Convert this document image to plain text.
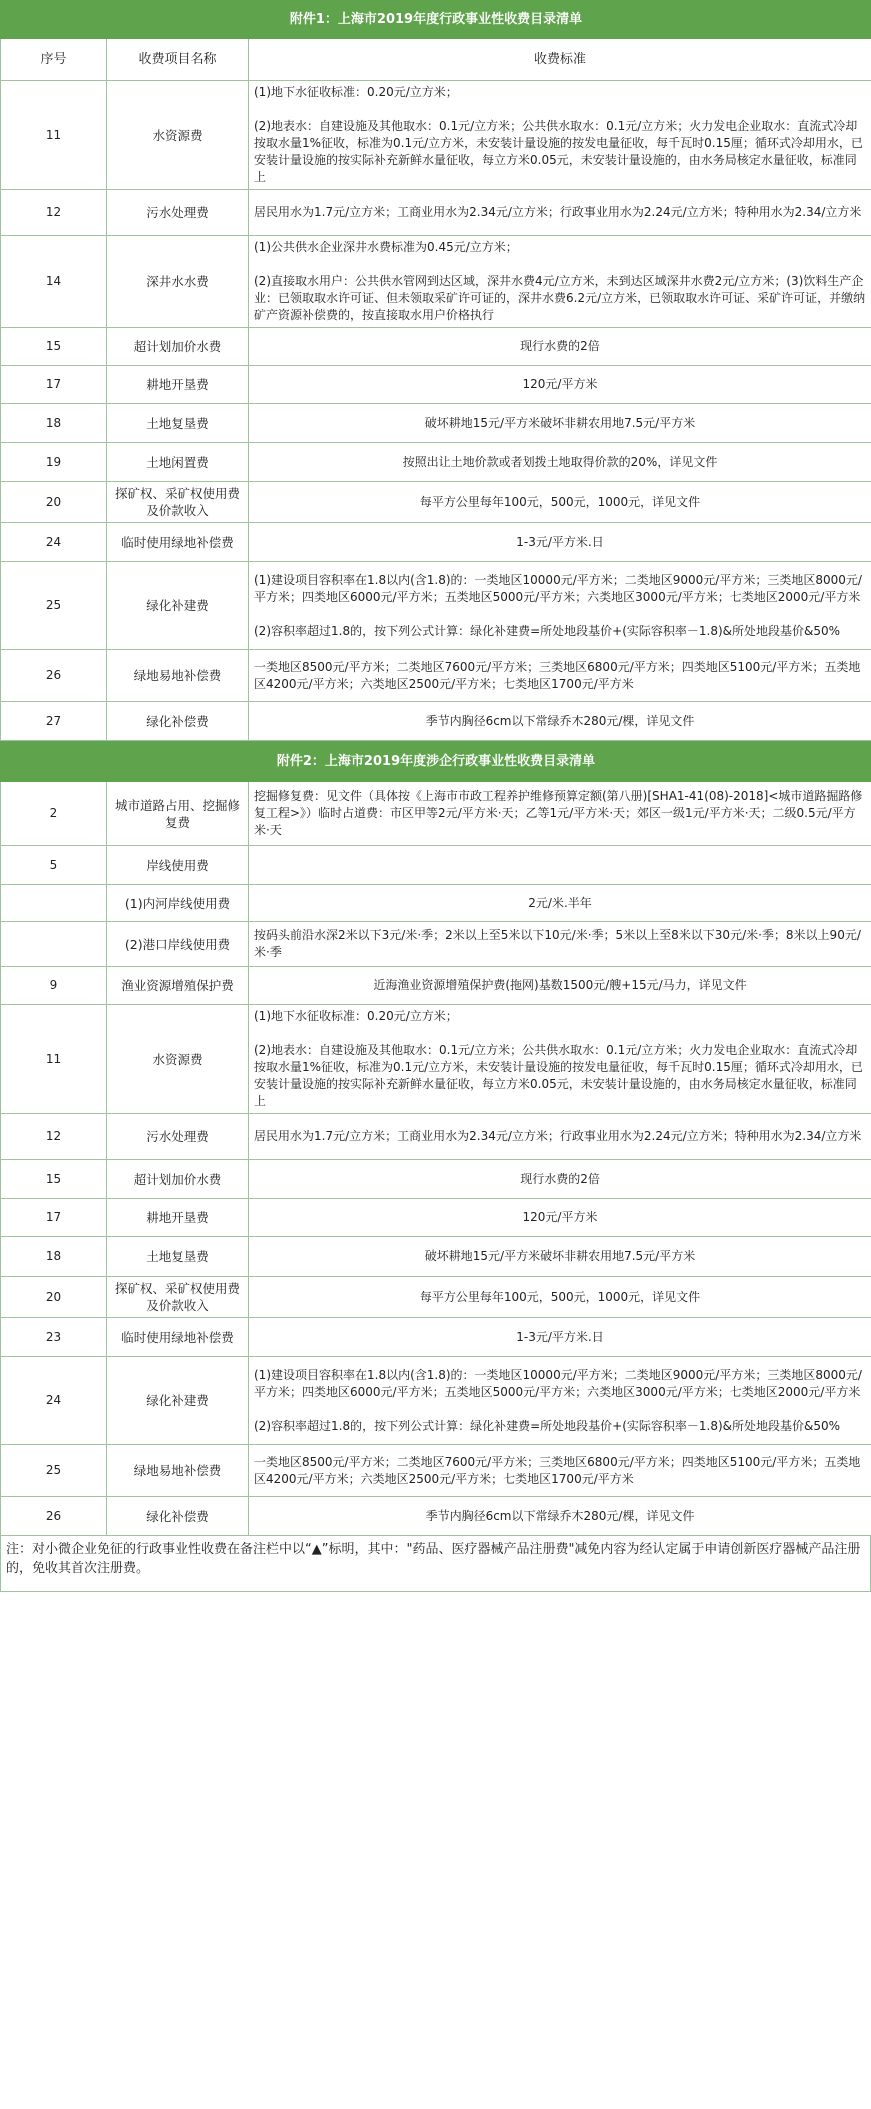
附件1：上海市2019年度行政事业性收费目录清单		
序号	收费项目名称	收费标准
11	水资源费	(1)地下水征收标准：0.20元/立方米；
(2)地表水：自建设施及其他取水：0.1元/立方米；公共供水取水：0.1元/立方米；火力发电企业取水：直流式冷却按取水量1%征收，标准为0.1元/立方米，未安装计量设施的按发电量征收，每千瓦时0.15厘；循环式冷却用水，已安装计量设施的按实际补充新鲜水量征收，每立方米0.05元，未安装计量设施的，由水务局核定水量征收，标准同上

12	污水处理费	居民用水为1.7元/立方米；工商业用水为2.34元/立方米；行政事业用水为2.24元/立方米；特种用水为2.34/立方米

14	深井水水费	(1)公共供水企业深井水费标准为0.45元/立方米；
(2)直接取水用户：公共供水管网到达区域，深井水费4元/立方米，未到达区域深井水费2元/立方米；(3)饮料生产企业：已领取取水许可证、但未领取采矿许可证的，深井水费6.2元/立方米，已领取取水许可证、采矿许可证，并缴纳矿产资源补偿费的，按直接取水用户价格执行

15	超计划加价水费	现行水费的2倍

17	耕地开垦费	120元/平方米

18	土地复垦费	破坏耕地15元/平方米破坏非耕农用地7.5元/平方米

19	土地闲置费	按照出让土地价款或者划拨土地取得价款的20%，详见文件

20	探矿权、采矿权使用费及价款收入	每平方公里每年100元，500元，1000元，详见文件

24	临时使用绿地补偿费	1-3元/平方米.日

25	绿化补建费	(1)建设项目容积率在1.8以内(含1.8)的：一类地区10000元/平方米；二类地区9000元/平方米；三类地区8000元/平方米；四类地区6000元/平方米；五类地区5000元/平方米；六类地区3000元/平方米；七类地区2000元/平方米
(2)容积率超过1.8的，按下列公式计算：绿化补建费=所处地段基价+(实际容积率－1.8)&所处地段基价&50%

26	绿地易地补偿费	一类地区8500元/平方米；二类地区7600元/平方米；三类地区6800元/平方米；四类地区5100元/平方米；五类地区4200元/平方米；六类地区2500元/平方米；七类地区1700元/平方米

27	绿化补偿费	季节内胸径6cm以下常绿乔木280元/棵，详见文件
附件2：上海市2019年度涉企行政事业性收费目录清单		
2	城市道路占用、挖掘修复费	挖掘修复费：见文件（具体按《上海市市政工程养护维修预算定额(第八册)[SHA1-41(08)-2018]<城市道路掘路修复工程>》）临时占道费：市区甲等2元/平方米·天；乙等1元/平方米·天；郊区一级1元/平方米·天；二级0.5元/平方米·天

5	岸线使用费	

	(1)内河岸线使用费	2元/米.半年

	(2)港口岸线使用费	按码头前沿水深2米以下3元/米·季；2米以上至5米以下10元/米·季；5米以上至8米以下30元/米·季；8米以上90元/米·季

9	渔业资源增殖保护费	近海渔业资源增殖保护费(拖网)基数1500元/艘+15元/马力，详见文件

11	水资源费	(1)地下水征收标准：0.20元/立方米；
(2)地表水：自建设施及其他取水：0.1元/立方米；公共供水取水：0.1元/立方米；火力发电企业取水：直流式冷却按取水量1%征收，标准为0.1元/立方米，未安装计量设施的按发电量征收，每千瓦时0.15厘；循环式冷却用水，已安装计量设施的按实际补充新鲜水量征收，每立方米0.05元，未安装计量设施的，由水务局核定水量征收，标准同上

12	污水处理费	居民用水为1.7元/立方米；工商业用水为2.34元/立方米；行政事业用水为2.24元/立方米；特种用水为2.34/立方米

15	超计划加价水费	现行水费的2倍

17	耕地开垦费	120元/平方米

18	土地复垦费	破坏耕地15元/平方米破坏非耕农用地7.5元/平方米

20	探矿权、采矿权使用费及价款收入	每平方公里每年100元，500元，1000元，详见文件

23	临时使用绿地补偿费	1-3元/平方米.日

24	绿化补建费	(1)建设项目容积率在1.8以内(含1.8)的：一类地区10000元/平方米；二类地区9000元/平方米；三类地区8000元/平方米；四类地区6000元/平方米；五类地区5000元/平方米；六类地区3000元/平方米；七类地区2000元/平方米
(2)容积率超过1.8的，按下列公式计算：绿化补建费=所处地段基价+(实际容积率－1.8)&所处地段基价&50%

25	绿地易地补偿费	一类地区8500元/平方米；二类地区7600元/平方米；三类地区6800元/平方米；四类地区5100元/平方米；五类地区4200元/平方米；六类地区2500元/平方米；七类地区1700元/平方米

26	绿化补偿费	季节内胸径6cm以下常绿乔木280元/棵，详见文件
注：对小微企业免征的行政事业性收费在备注栏中以“▲”标明，其中："药品、医疗器械产品注册费"减免内容为经认定属于申请创新医疗器械产品注册的，免收其首次注册费。
